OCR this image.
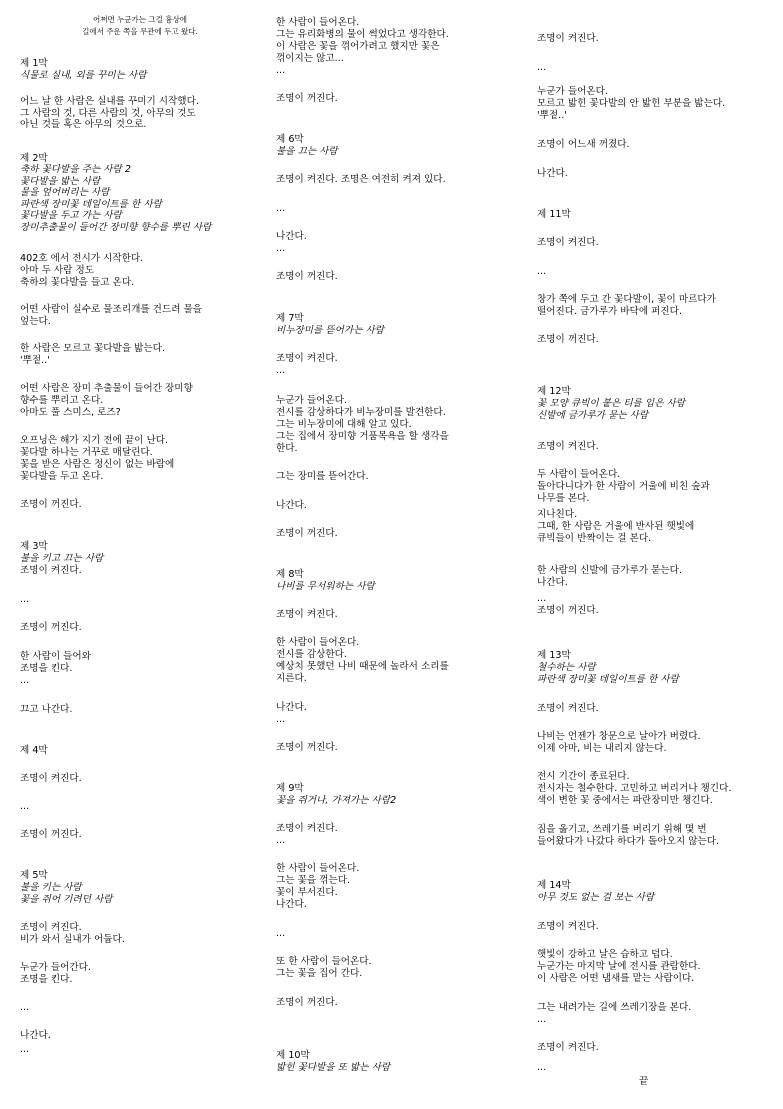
어쩌면 누군가는 그걸 흉상에
길에서 주운 쪽을 무관에 두고 왔다.
제 1막
식물로 실내, 외를 꾸미는 사람
어느 날 한 사람은 실내를 꾸미기 시작했다.
그 사람의 것, 다른 사람의 것, 아무의 것도
아닌 것들 혹은 아무의 것으로.
제 2막
축하 꽃다발을 주는 사람 2
꽃다발을 밟는 사람
물을 엎어버리는 사람
파란색 장미꽃 데일이트를 한 사람
꽃다발을 두고 가는 사람
장미추출물이 들어간 장미향 향수를 뿌린 사람
402호 에서 전시가 시작한다.
아마 두 사람 정도
축하의 꽃다발을 들고 온다.
어떤 사람이 실수로 물조리개를 건드려 물을
엎는다.
한 사람은 모르고 꽃다발을 밟는다.
'뿌젙..'
어떤 사람은 장미 추출물이 들어간 장미향
향수를 뿌리고 온다.
아마도 풀 스미스, 로즈?
오프닝은 해가 지기 전에 끝이 난다.
꽃다발 하나는 거꾸로 매달린다.
꽃을 받은 사람은 정신이 없는 바람에
꽃다발을 두고 온다.
조명이 꺼진다.
제 3막
불을 키고 끄는 사람
조명이 켜진다.
...
조명이 꺼진다.
한 사람이 들어와
조명을 킨다.
...
끄고 나간다.
제 4막
조명이 켜진다.
...
조명이 꺼진다.
제 5막
불을 키는 사람
꽃을 쥐어 기려던 사람
조명이 켜진다.
비가 와서 실내가 어둡다.
누군가 들어간다.
조명을 킨다.
...
나간다.
...
한 사람이 들어온다.
그는 유리화병의 물이 썩었다고 생각한다.
이 사람은 꽃을 꺾어가려고 했지만 꽃은
꺾이지는 않고...
...
조명이 꺼진다.
제 6막
불을 끄는 사람
조명이 켜진다. 조명은 여전히 켜져 있다.
...
나간다.
...
조명이 꺼진다.
제 7막
비누장미를 뜯어가는 사람
조명이 켜진다.
...
누군가 들어온다.
전시를 감상하다가 비누장미를 발견한다.
그는 비누장미에 대해 알고 있다.
그는 집에서 장미향 거품목욕을 할 생각을
한다.
그는 장미를 뜯어간다.
나간다.
조명이 꺼진다.
제 8막
나비를 무서워하는 사람
조명이 켜진다.
한 사람이 들어온다.
전시를 감상한다.
예상치 못했던 나비 때문에 놀라서 소리를
지른다.
나간다.
...
조명이 꺼진다.
제 9막
꽃을 쥐거나, 가져가는 사람2
조명이 켜진다.
...
한 사람이 들어온다.
그는 꽃을 꺾는다.
꽃이 부서진다.
나간다.
...
또 한 사람이 들어온다.
그는 꽃을 집어 간다.
조명이 꺼진다.
제 10막
밟힌 꽃다발을 또 밟는 사람
조명이 켜진다.
...
누군가 들어온다.
모르고 밟힌 꽃다발의 안 밟힌 부분을 밟는다.
'뿌젙..'
조명이 어느새 꺼졌다.
나간다.
제 11막
조명이 켜진다.
...
창가 쪽에 두고 간 꽃다발이, 꽃이 마르다가
떨어진다. 금가루가 바닥에 퍼진다.
조명이 꺼진다.
제 12막
꽃 모양 큐빅이 붙은 티를 입은 사람
신발에 금가루가 묻는 사람
조명이 켜진다.
두 사람이 들어온다.
돌아다니다가 한 사람이 거울에 비친 숲과
나무를 본다.
지나친다.
그때, 한 사람은 거울에 반사된 햇빛에
큐빅들이 반짝이는 걸 본다.
한 사람의 신발에 금가루가 묻는다.
나간다.
...
조명이 꺼진다.
제 13막
철수하는 사람
파란색 장미꽃 데일이트를 한 사람
조명이 켜진다.
나비는 언젠가 창문으로 날아가 버렸다.
이제 아마, 비는 내리지 않는다.
전시 기간이 종료된다.
전시자는 철수한다. 고민하고 버리거나 챙긴다.
색이 변한 꽃 중에서는 파란장미만 챙긴다.
짐을 옮기고, 쓰레기를 버리기 위해 몇 번
들어왔다가 나갔다 하다가 돌아오지 않는다.
제 14막
아무 것도 없는 걸 보는 사람
조명이 켜진다.
햇빛이 강하고 날은 습하고 덥다.
누군가는 마지막 날에 전시를 관람한다.
이 사람은 어떤 냄새를 맡는 사람이다.
그는 내려가는 길에 쓰레기장을 본다.
...
조명이 켜진다.
...
끝
